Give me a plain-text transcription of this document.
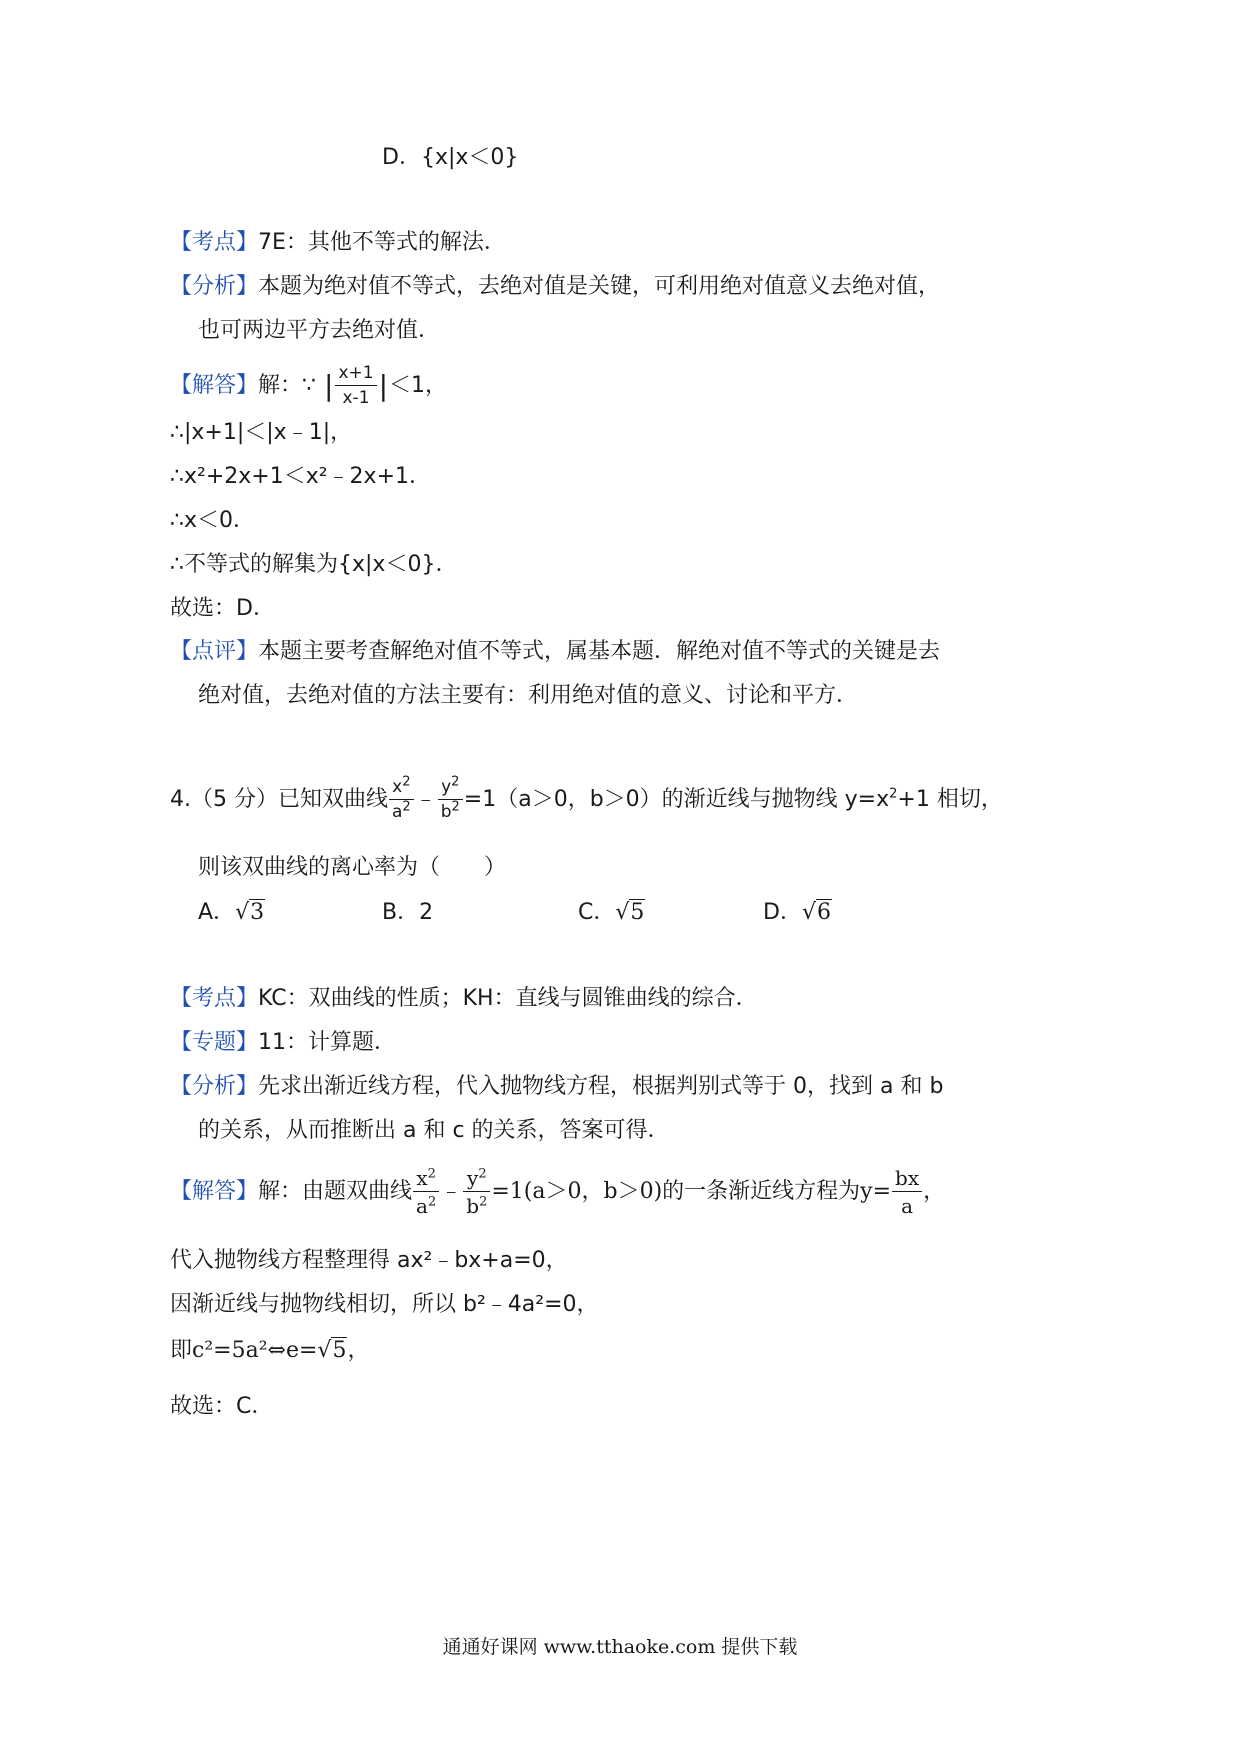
D．{x|x＜0}
【考点】7E：其他不等式的解法．
【分析】本题为绝对值不等式，去绝对值是关键，可利用绝对值意义去绝对值，
也可两边平方去绝对值．
【解答】解：∵ | $\frac{x+1}{x-1} |<1$，
∴|x+1|＜|x﹣1|，
∴x²+2x+1＜x²﹣2x+1．
∴x＜0．
∴不等式的解集为{x|x＜0}．
故选：D．
【点评】本题主要考查解绝对值不等式，属基本题．解绝对值不等式的关键是去
绝对值，去绝对值的方法主要有：利用绝对值的意义、讨论和平方．
4.（5 分）已知双曲线 $\frac{x^2}{a^2}$ ﹣ $\frac{y^2}{b^2} =1(a>0$，b＞0）的渐近线与抛物线 $y=x^2+1$ 相切，
则该双曲线的离心率为（　　）
A．√3	B．2	C．√5	D．√6
【考点】KC：双曲线的性质；KH：直线与圆锥曲线的综合．
【专题】11：计算题．
【分析】先求出渐近线方程，代入抛物线方程，根据判别式等于 0，找到 a 和 b
的关系，从而推断出 a 和 c 的关系，答案可得．
【解答】解：由题双曲线 $\frac{x^2}{a^2}$ ﹣ $\frac{y^2}{b^2} =1(a>0$，b＞0)的一条渐近线方程为$y= \frac{bx}{a}$ ，
代入抛物线方程整理得 ax²﹣bx+a=0，
因渐近线与抛物线相切，所以 b²﹣4a²=0，
即c²=5a²⇔e=√5，
故选：C．
通通好课网 www.tthaoke.com 提供下载
